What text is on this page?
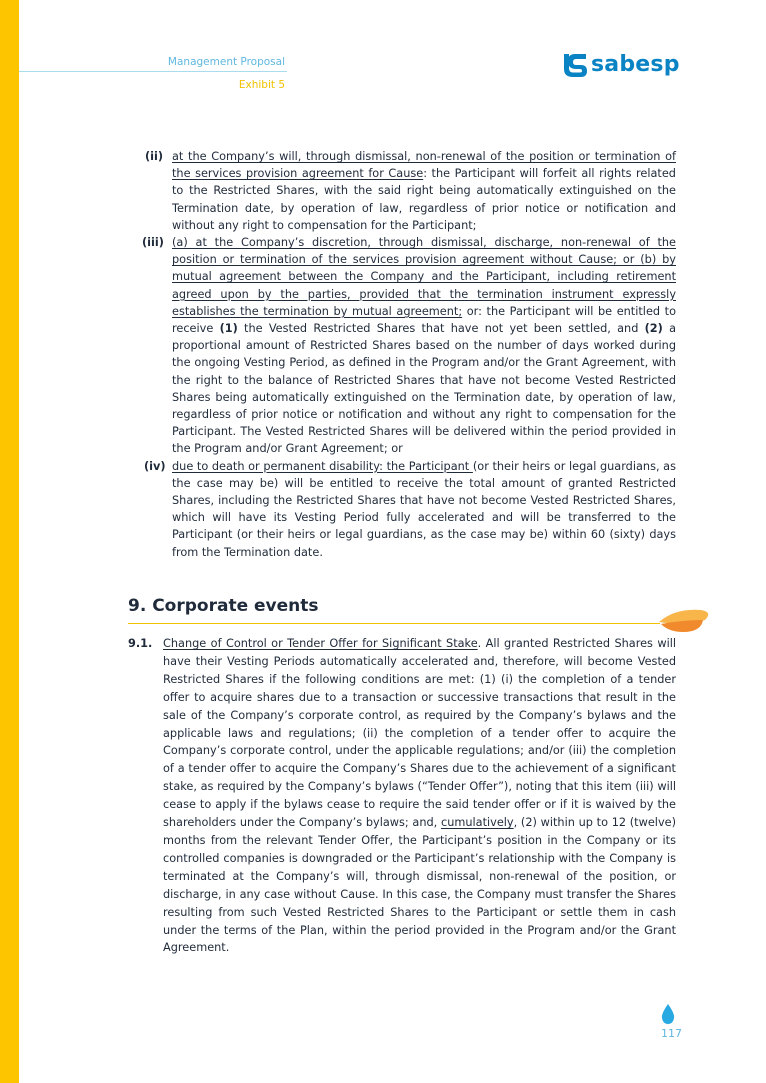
Management Proposal
Exhibit 5
sabesp
(ii) at the Company’s will, through dismissal, non-renewal of the position or termination of the services provision agreement for Cause: the Participant will forfeit all rights related to the Restricted Shares, with the said right being automatically extinguished on the Termination date, by operation of law, regardless of prior notice or notification and without any right to compensation for the Participant;
(iii) (a) at the Company’s discretion, through dismissal, discharge, non-renewal of the position or termination of the services provision agreement without Cause; or (b) by mutual agreement between the Company and the Participant, including retirement agreed upon by the parties, provided that the termination instrument expressly establishes the termination by mutual agreement; or: the Participant will be entitled to receive (1) the Vested Restricted Shares that have not yet been settled, and (2) a proportional amount of Restricted Shares based on the number of days worked during the ongoing Vesting Period, as defined in the Program and/or the Grant Agreement, with the right to the balance of Restricted Shares that have not become Vested Restricted Shares being automatically extinguished on the Termination date, by operation of law, regardless of prior notice or notification and without any right to compensation for the Participant. The Vested Restricted Shares will be delivered within the period provided in the Program and/or Grant Agreement; or
(iv) due to death or permanent disability: the Participant (or their heirs or legal guardians, as the case may be) will be entitled to receive the total amount of granted Restricted Shares, including the Restricted Shares that have not become Vested Restricted Shares, which will have its Vesting Period fully accelerated and will be transferred to the Participant (or their heirs or legal guardians, as the case may be) within 60 (sixty) days from the Termination date.
9. Corporate events
9.1. Change of Control or Tender Offer for Significant Stake. All granted Restricted Shares will have their Vesting Periods automatically accelerated and, therefore, will become Vested Restricted Shares if the following conditions are met: (1) (i) the completion of a tender offer to acquire shares due to a transaction or successive transactions that result in the sale of the Company’s corporate control, as required by the Company’s bylaws and the applicable laws and regulations; (ii) the completion of a tender offer to acquire the Company’s corporate control, under the applicable regulations; and/or (iii) the completion of a tender offer to acquire the Company’s Shares due to the achievement of a significant stake, as required by the Company’s bylaws (“Tender Offer”), noting that this item (iii) will cease to apply if the bylaws cease to require the said tender offer or if it is waived by the shareholders under the Company’s bylaws; and, cumulatively, (2) within up to 12 (twelve) months from the relevant Tender Offer, the Participant’s position in the Company or its controlled companies is downgraded or the Participant’s relationship with the Company is terminated at the Company’s will, through dismissal, non-renewal of the position, or discharge, in any case without Cause. In this case, the Company must transfer the Shares resulting from such Vested Restricted Shares to the Participant or settle them in cash under the terms of the Plan, within the period provided in the Program and/or the Grant Agreement.
117
